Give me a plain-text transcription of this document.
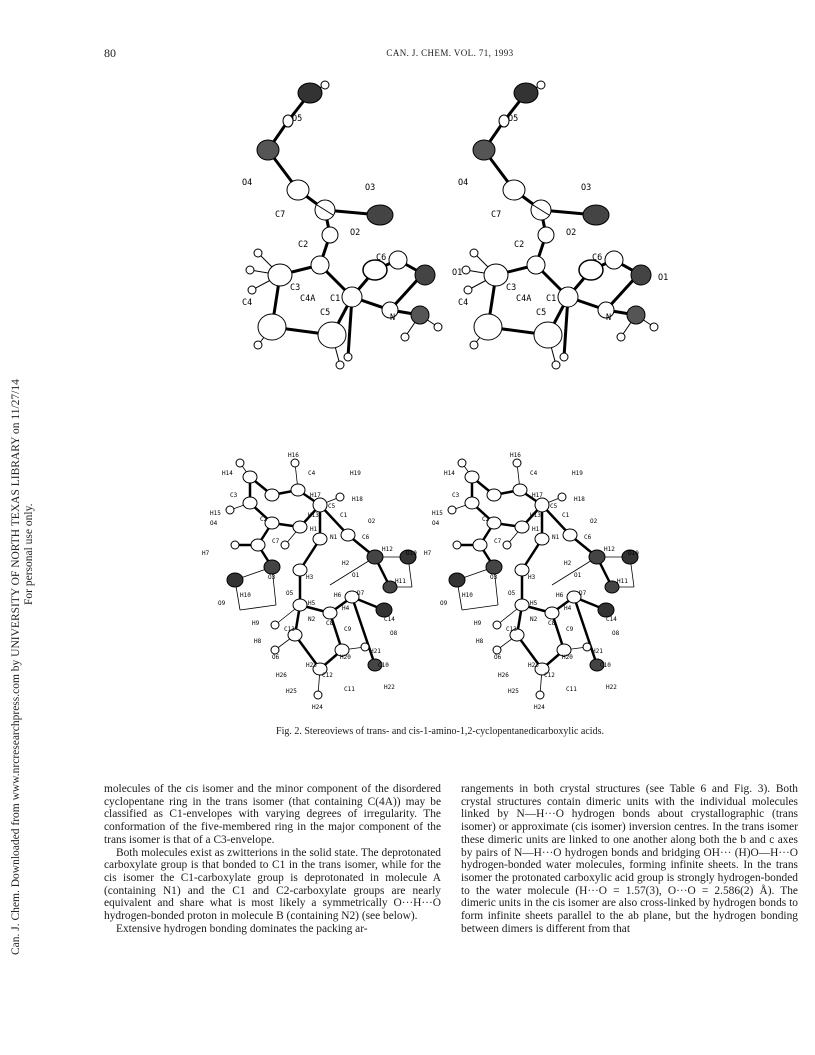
80	CAN. J. CHEM. VOL. 71, 1993
Can. J. Chem. Downloaded from www.nrcresearchpress.com by UNIVERSITY OF NORTH TEXAS LIBRARY on 11/27/14 For personal use only.
O5
O4	O3
C7
O2
C6
C2
C3
C4A C1
C4
C5	N
O5
O4	O3
C7
O2
C6
C2
C3
C4A C1
C4
C5	N
O1	O1
H16
H14	C4	H19
C3	H17
H18
C5
H15
C2
H13	C1
O2
O4
H1
N1	C6
H7
C7
H12
O10
O1
H3
H2
H11
O3
D7
H6
O9
H10	O5
H5
H4
C14
H9
N2
C8
C9
O8
C13
H8
O6	H20
H21
H23	C10
H26	C12
H22
H25	C11
H24
H16
H14	C4	H19
C3	H17
H18
C5
H15
C2
H13	C1
O2
O4
H1
N1	C6
H7
C7
H12
O10
O1
H3
H2
H11
O3
D7
H6
O9
H10	O5
H5
H4
C14
H9
N2
C8
C9
O8
C13
H8
O6	H20
H21
H23	C10
H26	C12
H22
H25	C11
H24
Fig. 2. Stereoviews of trans- and cis-1-amino-1,2-cyclopentanedicarboxylic acids.

molecules of the cis isomer and the minor component of the disordered cyclopentane ring in the trans isomer (that containing C(4A)) may be classified as C1-envelopes with varying degrees of irregularity. The conformation of the five-membered ring in the major component of the trans isomer is that of a C3-envelope.

Both molecules exist as zwitterions in the solid state. The deprotonated carboxylate group is that bonded to C1 in the trans isomer, while for the cis isomer the C1-carboxylate group is deprotonated in molecule A (containing N1) and the C1 and C2-carboxylate groups are nearly equivalent and share what is most likely a symmetrically O···H···O hydrogen-bonded proton in molecule B (containing N2) (see below).

Extensive hydrogen bonding dominates the packing ar-

rangements in both crystal structures (see Table 6 and Fig. 3). Both crystal structures contain dimeric units with the individual molecules linked by N—H···O hydrogen bonds about crystallographic (trans isomer) or approximate (cis isomer) inversion centres. In the trans isomer these dimeric units are linked to one another along both the b and c axes by pairs of N—H···O hydrogen bonds and bridging OH··· (H)O—H···O hydrogen-bonded water molecules, forming infinite sheets. In the trans isomer the protonated carboxylic acid group is strongly hydrogen-bonded to the water molecule (H···O = 1.57(3), O···O = 2.586(2) Å). The dimeric units in the cis isomer are also cross-linked by hydrogen bonds to form infinite sheets parallel to the ab plane, but the hydrogen bonding between dimers is different from that
